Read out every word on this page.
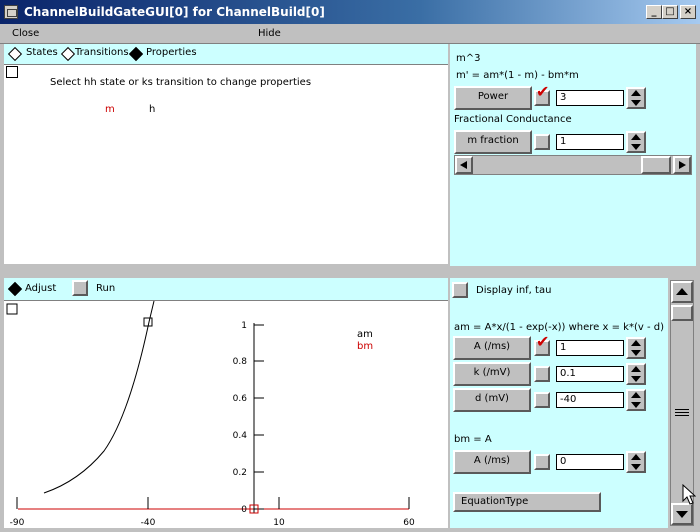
ChannelBuildGateGUI[0] for ChannelBuild[0]	_ □ ×
Close	Hide
States Transitions Properties
Select hh state or ks transition to change properties
m	h
m^3
m' = am*(1 - m) - bm*m
Power	✔	3
Fractional Conductance
m fraction	1
Adjust	Run
1
0.8
0.6
0.4
0.2
0
-90	-40	10	60
am
bm
Display inf, tau
am = A*x/(1 - exp(-x)) where x = k*(v - d)
A (/ms)	✔	1
k (/mV)	0.1
d (mV)	-40
bm = A
A (/ms)	0
EquationType
